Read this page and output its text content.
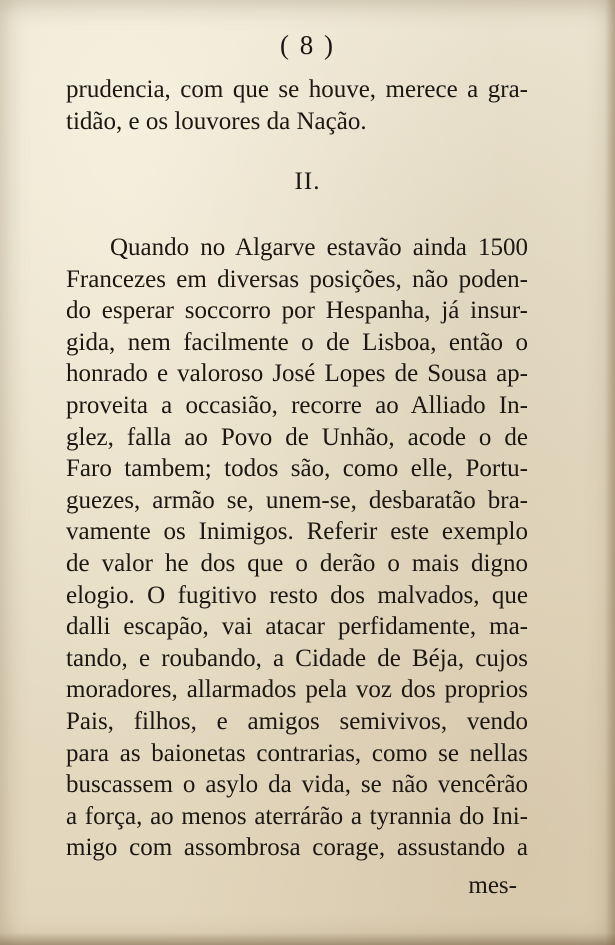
( 8 )
prudencia, com que se houve, merece a gra-
tidão, e os louvores da Nação.
II.
Quando no Algarve estavão ainda 1500
Francezes em diversas posições, não poden-
do esperar soccorro por Hespanha, já insur-
gida, nem facilmente o de Lisboa, então o
honrado e valoroso José Lopes de Sousa ap-
proveita a occasião, recorre ao Alliado In-
glez, falla ao Povo de Unhão, acode o de
Faro tambem; todos são, como elle, Portu-
guezes, armão se, unem-se, desbaratão bra-
vamente os Inimigos. Referir este exemplo
de valor he dos que o derão o mais digno
elogio. O fugitivo resto dos malvados, que
dalli escapão, vai atacar perfidamente, ma-
tando, e roubando, a Cidade de Béja, cujos
moradores, allarmados pela voz dos proprios
Pais, filhos, e amigos semivivos, vendo
para as baionetas contrarias, como se nellas
buscassem o asylo da vida, se não vencêrão
a força, ao menos aterrárão a tyrannia do Ini-
migo com assombrosa corage, assustando a
mes-
